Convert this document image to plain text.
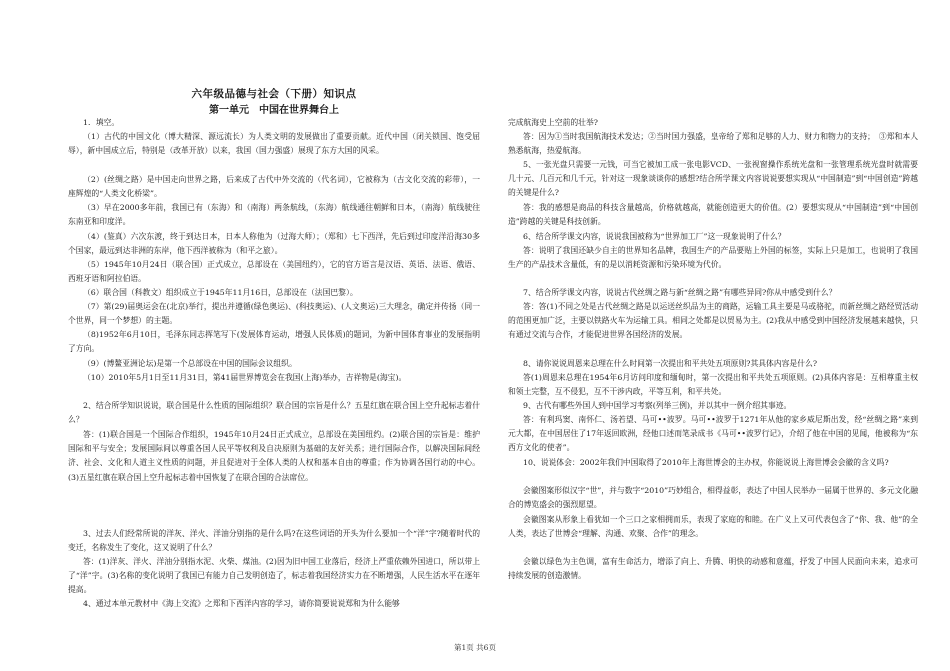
六年级品德与社会（下册）知识点
第一单元　中国在世界舞台上

1．填空。

（1）古代的中国文化（博大精深、源远流长）为人类文明的发展做出了重要贡献。近代中国（闭关锁国、饱受屈辱），新中国成立后，特别是（改革开放）以来，我国（国力强盛）展现了东方大国的风采。

（2）(丝绸之路）是中国走向世界之路，后来成了古代中外交流的（代名词），它被称为（古文化交流的彩带），一座辉煌的“人类文化桥梁”。

（3）早在2000多年前，我国已有（东海）和（南海）两条航线，（东海）航线通往朝鲜和日本，（南海）航线驶往东南亚和印度洋。

（4）(鉴真）六次东渡，终于到达日本，日本人称他为（过海大师）；（郑和）七下西洋，先后到过印度洋沿海30多个国家，最远到达非洲的东岸，他下西洋被称为（和平之旅）。

（5）1945年10月24日（联合国）正式成立，总部设在（美国纽约），它的官方语言是汉语、英语、法语、俄语、西班牙语和阿拉伯语。

（6）联合国（科教文）组织成立于1945年11月16日，总部设在（法国巴黎）。

（7）第(29)届奥运会在(北京)举行，提出并遵循(绿色奥运)、(科技奥运)、(人文奥运)三大理念，确定并传扬（同一个世界，同一个梦想）的主题。

（8)1952年6月10日，毛泽东同志挥笔写下(发展体育运动，增强人民体质)的题词，为新中国体育事业的发展指明了方向。

（9）(博鳌亚洲论坛)是第一个总部设在中国的国际会议组织。

（10）2010年5月1日至11月31日，第41届世界博览会在我国(上海)举办，吉祥物是(海宝)。

2、结合所学知识说说，联合国是什么性质的国际组织？联合国的宗旨是什么？五星红旗在联合国上空升起标志着什么？

答：(1)联合国是一个国际合作组织，1945年10月24日正式成立，总部设在美国纽约。(2)联合国的宗旨是：维护国际和平与安全；发展国际间以尊重各国人民平等权利及自决原则为基础的友好关系；进行国际合作，以解决国际间经济、社会、文化和人道主义性质的问题，并且促进对于全体人类的人权和基本自由的尊重；作为协调各国行动的中心。(3)五星红旗在联合国上空升起标志着中国恢复了在联合国的合法席位。

3、过去人们经常所说的洋灰、洋火、洋油分别指的是什么吗?在这些词语的开头为什么要加一个“洋”字?随着时代的变迁，名称发生了变化，这又说明了什么？

答：(1)洋灰、洋火、洋油分别指水泥、火柴、煤油。(2)因为旧中国工业落后，经济上严重依赖外国进口，所以带上了“洋”字。(3)名称的变化说明了我国已有能力自己发明创造了，标志着我国经济实力在不断增强，人民生活水平在逐年提高。

4、通过本单元教材中《海上交流》之郑和下西洋内容的学习，请你简要说说郑和为什么能够

完成航海史上空前的壮举?

答：因为①当时我国航海技术发达；②当时国力强盛，皇帝给了郑和足够的人力、财力和物力的支持；　③郑和本人熟悉航海，热爱航海。

5、一张光盘只需要一元钱，可当它被加工成一张电影VCD、一张视窗操作系统光盘和一张管理系统光盘时就需要几十元、几百元和几千元，针对这一现象谈谈你的感想?结合所学课文内容说说要想实现从“中国制造”到“中国创造”跨越的关键是什么?

答：我的感想是商品的科技含量越高，价格就越高，就能创造更大的价值。(2）要想实现从“中国制造”到“中国创造”跨越的关键是科技创新。

6、结合所学课文内容，说说我国被称为“世界加工厂”这一现象说明了什么？

答：说明了我国还缺少自主的世界知名品牌，我国生产的产品要贴上外国的标签，实际上只是加工，也说明了我国生产的产品技术含量低，有的是以消耗资源和污染环境为代价。

7、结合所学课文内容，说说古代丝绸之路与新“丝绸之路”有哪些异同?你从中感受到什么？

答：答(1)不同之处是古代丝绸之路是以运送丝织品为主的商路，运输工具主要是马或骆驼，而新丝绸之路经贸活动的范围更加广泛，主要以铁路火车为运输工具。相同之处都是以贸易为主。(2)我从中感受到中国经济发展越来越快，只有通过交流与合作，才能促进世界各国经济的发展。

8、请你说说周恩来总理在什么时间第一次提出和平共处五项原则?其具体内容是什么?

答(1)周恩来总理在1954年6月访问印度和缅甸时，第一次提出和平共处五项原则。(2)具体内容是：互相尊重主权和领土完整，互不侵犯，互不干涉内政，平等互利，和平共处。

9、古代有哪些外国人到中国学习考察(列举三例)，并以其中一例介绍其事迹。

答：有利玛窦、南怀仁、汤若望、马可••波罗。马可••波罗于1271年从他的家乡威尼斯出发，经“丝绸之路”来到元大都，在中国居住了17年返回欧洲，经他口述而笔录成书《马可••波罗行记》，介绍了他在中国的见闻，他被称为“东西方文化的使者”。

10、说说体会：2002年我们中国取得了2010年上海世博会的主办权，你能说说上海世博会会徽的含义吗?

会徽图案形似汉字“世”，并与数字“2010”巧妙组合，相得益彰，表达了中国人民举办一届属于世界的、多元文化融合的博览盛会的强烈愿望。

会徽图案从形象上看犹如一个三口之家相拥而乐，表现了家庭的和睦。在广义上又可代表包含了“你、我、他”的全人类，表达了世博会“理解、沟通、欢聚、合作”的理念。

会徽以绿色为主色调，富有生命活力，增添了向上、升腾、明快的动感和意蕴，抒发了中国人民面向未来，追求可持续发展的创造激情。

第1页 共6页
